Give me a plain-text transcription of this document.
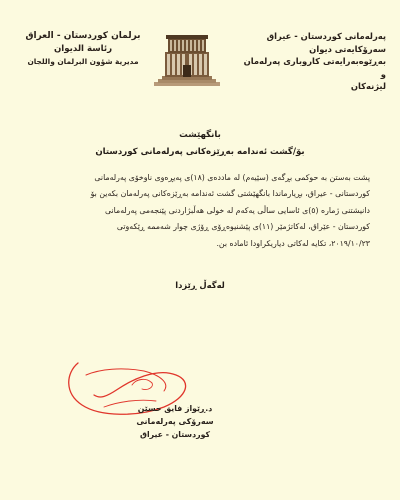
پەرلەمانی کوردستان - عیراق
سەرۆکایەتی دیوان
بەڕێوەبەرایەتی کاروباری پەرلەمان و
لیژنەکان
برلمان كوردستان - العراق
رئاسة الديوان
مديرية شؤون البرلمان واللجان
بانگهێشت
بۆ/گشت ئەندامە بەڕێزەکانی پەرلەمانی کوردستان
پشت بەستن بە حوکمی بڕگەی (سێیەم) لە ماددەی (١٨)ی پەیڕەوی ناوخۆی پەرلەمانی
کوردستانی - عیراق، بڕیارماندا بانگهێشتی گشت ئەندامە بەڕێزەکانی پەرلەمان بکەین بۆ
دانیشتنی ژمارە (٥)ی ئاسایی ساڵی یەکەم لە خولی هەڵبژاردنی پێنجەمی پەرلەمانی
کوردستان - عێراق، لەکاتژمێر (١١)ی پێشنیوەڕۆی ڕۆژی چوار شەممە ڕێکەوتی
٢٠١٩/١٠/٢٣، تکایە لەکاتی دیاریکراودا ئامادە بن.
لەگەڵ ڕێزدا
د.ڕێواز فایق حسێن
سەرۆکی پەرلەمانی
کوردستان - عیراق
